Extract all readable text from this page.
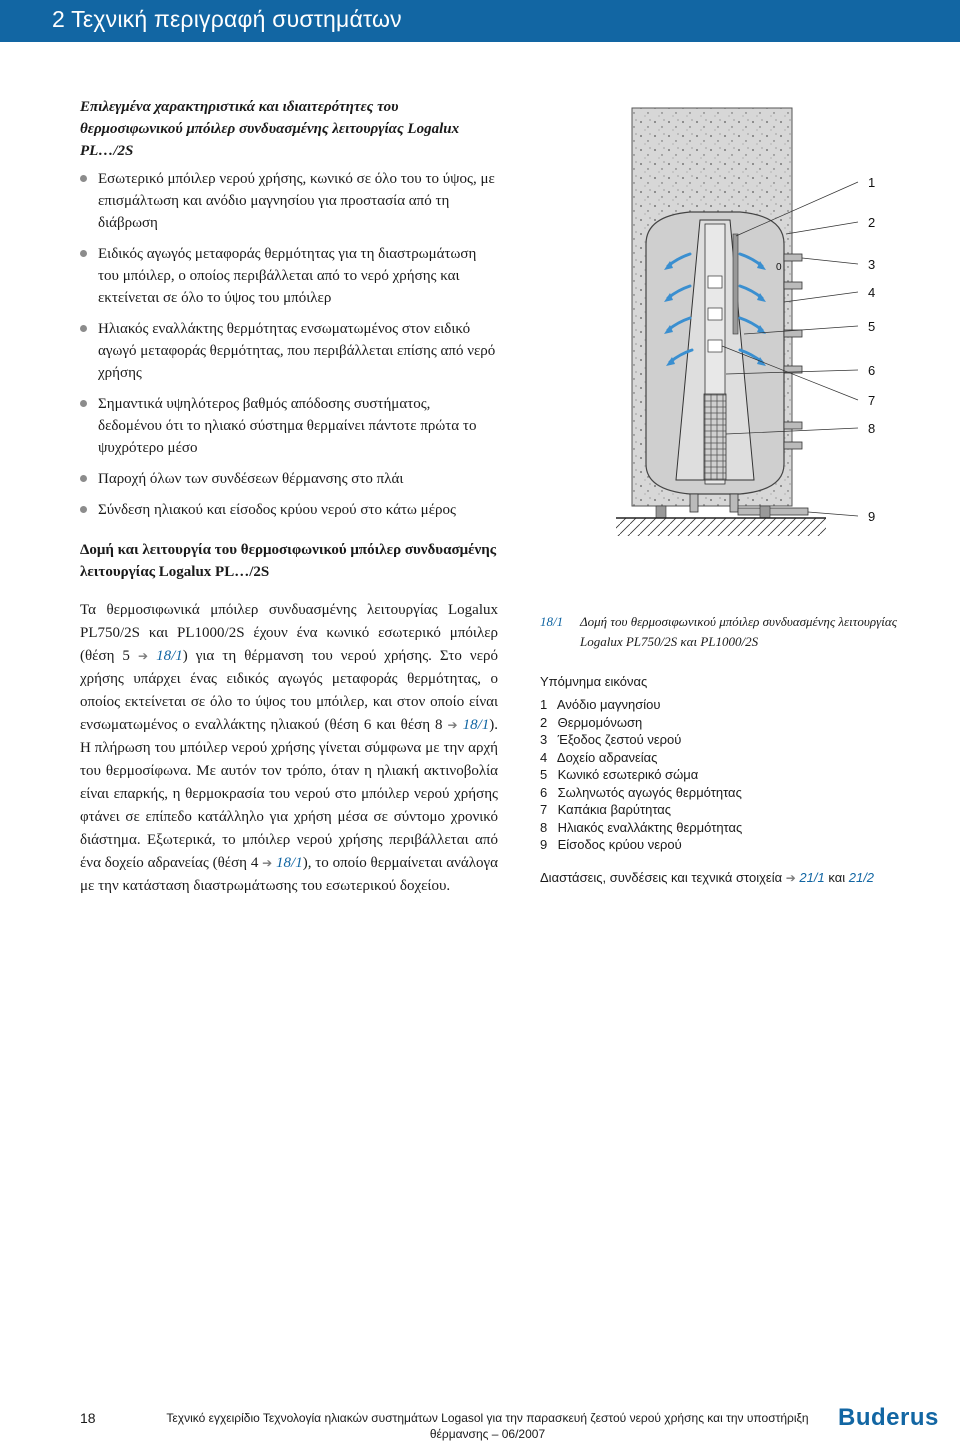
2 Τεχνική περιγραφή συστημάτων

Επιλεγμένα χαρακτηριστικά και ιδιαιτερότητες του θερμοσιφωνικού μπόιλερ συνδυασμένης λειτουργίας Logalux PL…/2S

Εσωτερικό μπόιλερ νερού χρήσης, κωνικό σε όλο του το ύψος, με επισμάλτωση και ανόδιο μαγνησίου για προστασία από τη διάβρωση
Ειδικός αγωγός μεταφοράς θερμότητας για τη διαστρωμάτωση του μπόιλερ, ο οποίος περιβάλλεται από το νερό χρήσης και εκτείνεται σε όλο το ύψος του μπόιλερ
Ηλιακός εναλλάκτης θερμότητας ενσωματωμένος στον ειδικό αγωγό μεταφοράς θερμότητας, που περιβάλλεται επίσης από νερό χρήσης
Σημαντικά υψηλότερος βαθμός απόδοσης συστήματος, δεδομένου ότι το ηλιακό σύστημα θερμαίνει πάντοτε πρώτα το ψυχρότερο μέσο
Παροχή όλων των συνδέσεων θέρμανσης στο πλάι
Σύνδεση ηλιακού και είσοδος κρύου νερού στο κάτω μέρος

Δομή και λειτουργία του θερμοσιφωνικού μπόιλερ συνδυασμένης λειτουργίας Logalux PL…/2S

Τα θερμοσιφωνικά μπόιλερ συνδυασμένης λειτουργίας Logalux PL750/2S και PL1000/2S έχουν ένα κωνικό εσωτερικό μπόιλερ (θέση 5 ➔ 18/1) για τη θέρμανση του νερού χρήσης. Στο νερό χρήσης υπάρχει ένας ειδικός αγωγός μεταφοράς θερμότητας, ο οποίος εκτείνεται σε όλο το ύψος του μπόιλερ, και στον οποίο είναι ενσωματωμένος ο εναλλάκτης ηλιακού (θέση 6 και θέση 8 ➔ 18/1). Η πλήρωση του μπόιλερ νερού χρήσης γίνεται σύμφωνα με την αρχή του θερμοσίφωνα. Με αυτόν τον τρόπο, όταν η ηλιακή ακτινοβολία είναι επαρκής, η θερμοκρασία του νερού στο μπόιλερ νερού χρήσης φτάνει σε επίπεδο κατάλληλο για χρήση μέσα σε σύντομο χρονικό διάστημα. Εξωτερικά, το μπόιλερ νερού χρήσης περιβάλλεται από ένα δοχείο αδρανείας (θέση 4 ➔ 18/1), το οποίο θερμαίνεται ανάλογα με την κατάσταση διαστρωμάτωσης του εσωτερικού δοχείου.

0
1
2
3
4
5
6
7
8
9
18/1 Δομή του θερμοσιφωνικού μπόιλερ συνδυασμένης λειτουργίας Logalux PL750/2S και PL1000/2S
Υπόμνημα εικόνας
1 Ανόδιο μαγνησίου
2 Θερμομόνωση
3 Έξοδος ζεστού νερού
4 Δοχείο αδρανείας
5 Κωνικό εσωτερικό σώμα
6 Σωληνωτός αγωγός θερμότητας
7 Καπάκια βαρύτητας
8 Ηλιακός εναλλάκτης θερμότητας
9 Είσοδος κρύου νερού
Διαστάσεις, συνδέσεις και τεχνικά στοιχεία ➔ 21/1 και 21/2
18	Τεχνικό εγχειρίδιο Τεχνολογία ηλιακών συστημάτων Logasol για την παρασκευή ζεστού νερού χρήσης και την υποστήριξη θέρμανσης – 06/2007
Buderus
